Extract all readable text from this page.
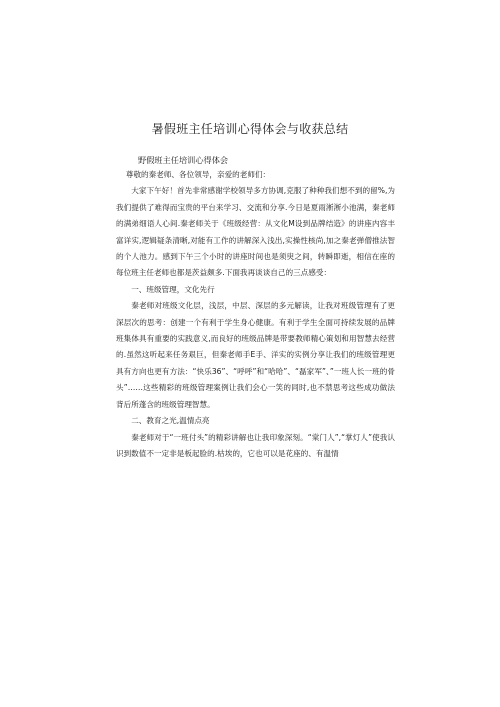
暑假班主任培训心得体会与收获总结
野假班主任培训心得体会

尊敬的秦老师、各位领导，亲爱的老师们：

大家下午好！首先非常感谢学校领导多方协调,克服了种种我们想不到的留%,为我们提供了难得而宝贵的平台来学习、交流和分享.今日是夏雨淅淅小池满，秦老师的满弟细语人心间.秦老师关于《班级经营：从文化M设到品牌结造》的讲座内容丰富详实,逻辑疑条清晰,对能有工作的讲解深入浅出,实操性核尚,加之秦老弹僧推法智的个人池力。感到下午三个小时的讲座时间也是须臾之间，转瞬即逝，相信在座的每位班主任老师也都是茨益颇多.下面我再谈谈自己的三点感受：

一、班级管理，文化先行

秦老师对班级文化层，浅层，中层、深层的多元解读，让我对班级管理有了更深层次的思考：创建一个有利于学生身心健康。有利于学生全面可持续发展的品牌班集体具有重要的实践意义,而良好的班级品牌是带要教师精心策划和用智慧去经营的.虽然这听起来任务艰巨，但秦老师手E手、洋实的实例分享让我们的班级管理更具有方向也更有方法：“快乐36”、“呼呼”和“哈哈”、“磊家军”、”一班人长一班的骨头”……这些精彩的班级管理案例让我们会心一笑的同时,也不禁思考这些成功做法背后所蓬含的班级管理智慧。

二、教育之光,温情点亮

秦老师对于“一班付头”的精彩讲解也让我印象深刻。“棠门人”,“掌灯人”使我认识到数值不一定非是板起脸的.枯埃的，它也可以是花座的、有温情
